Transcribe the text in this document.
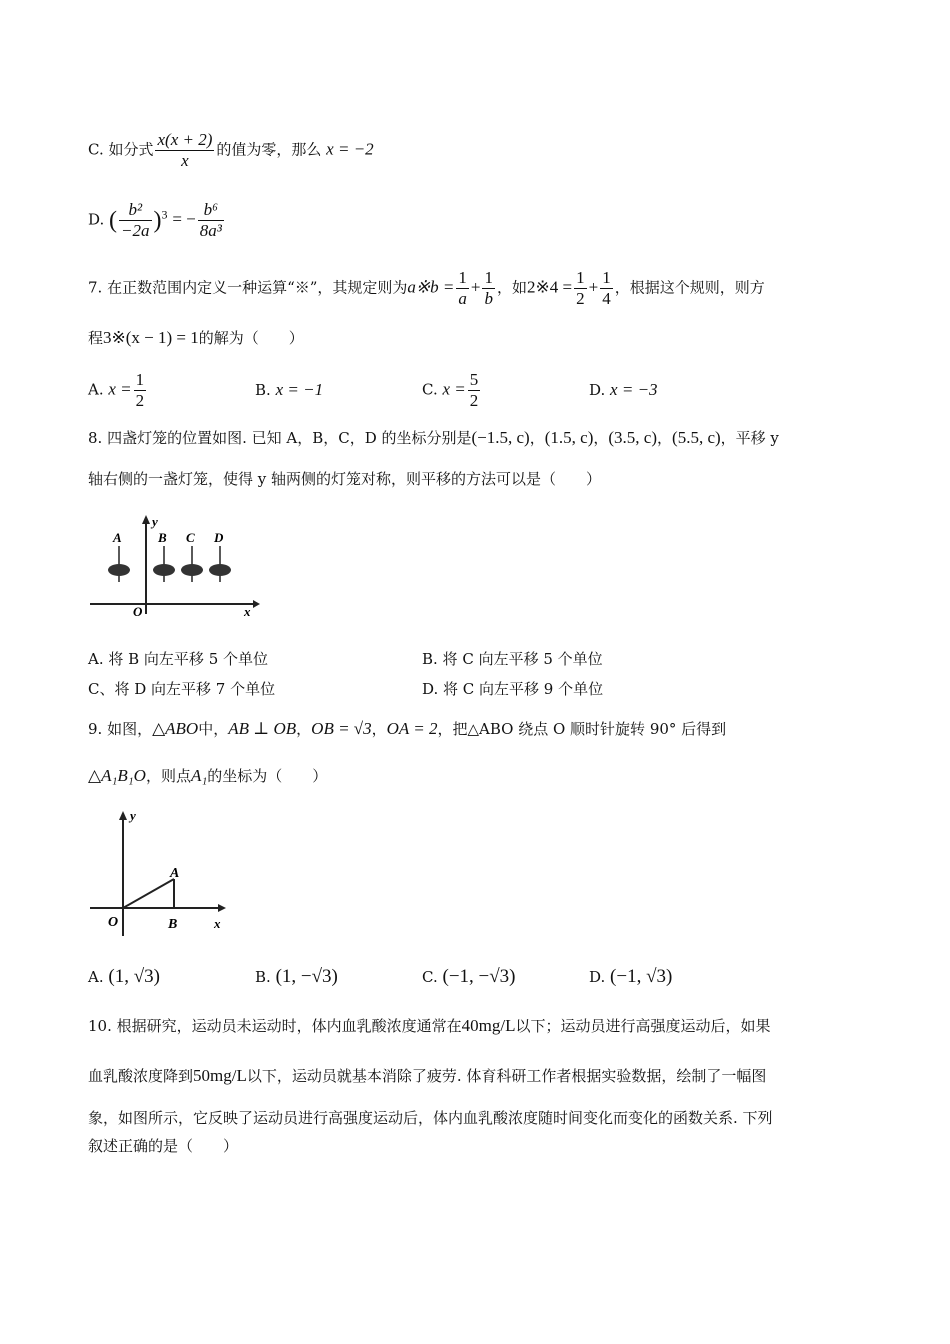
C. 如分式 $\frac{x(x + 2)}{x}$ 的值为零，那么 x = −2
D. ( $\frac{\text{b²}}{-2a} )^3$ = − $\frac{\text{b⁶}}{\text{8a³}}$
7. 在正数范围内定义一种运算“※”，其规定则为a※b = $\frac{1}{a} + \frac{1}{b}$ ，如2※4 = $\frac{1}{2} + \frac{1}{4}$ ，根据这个规则，则方
程3※(x − 1) = 1的解为（　　）
A. $x = \frac{1}{2}$	B. x = −1	C. $x = \frac{5}{2}$	D. x = −3
8. 四盏灯笼的位置如图. 已知 A，B，C，D 的坐标分别是(−1.5, c)，(1.5, c)，(3.5, c)，(5.5, c)，平移 y
轴右侧的一盏灯笼，使得 y 轴两侧的灯笼对称，则平移的方法可以是（　　）
y
x
O
A	B C D
A. 将 B 向左平移 5 个单位	B. 将 C 向左平移 5 个单位
C、将 D 向左平移 7 个单位	D. 将 C 向左平移 9 个单位
9. 如图，△ABO中，AB ⊥ OB，OB = √3，OA = 2，把△ABO 绕点 O 顺时针旋转 90° 后得到
△A₁B₁O，则点A₁的坐标为（　　）
y
x
O	B
A
A. (1, √3)	B. (1, −√3)	C. (−1, −√3)	D. (−1, √3)
10. 根据研究，运动员未运动时，体内血乳酸浓度通常在40mg/L以下；运动员进行高强度运动后，如果
血乳酸浓度降到50mg/L以下，运动员就基本消除了疲劳. 体育科研工作者根据实验数据，绘制了一幅图
象，如图所示，它反映了运动员进行高强度运动后，体内血乳酸浓度随时间变化而变化的函数关系. 下列
叙述正确的是（　　）
